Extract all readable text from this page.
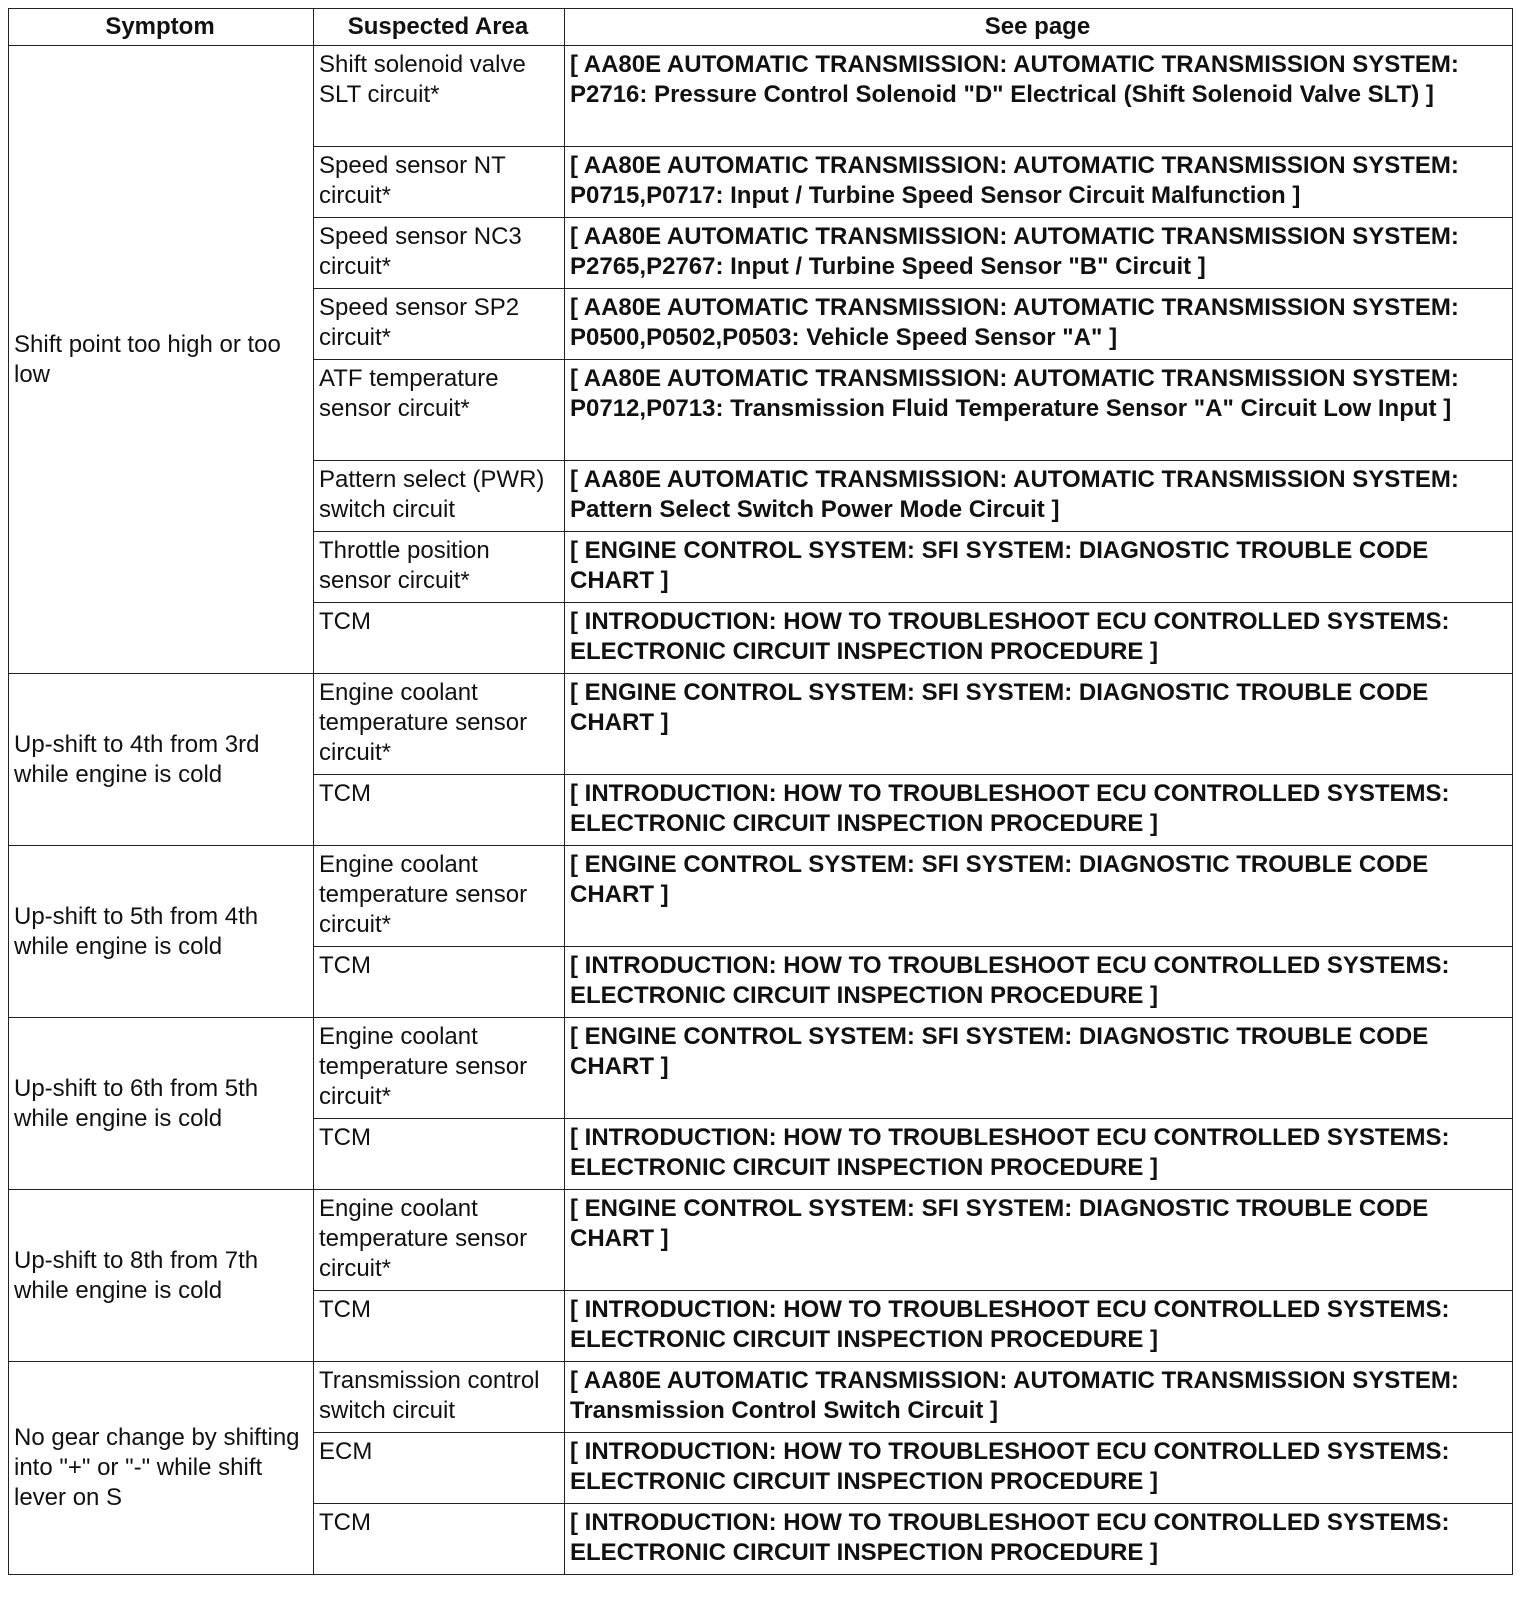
Symptom	Suspected Area	See page
Shift point too high or too low	Shift solenoid valve SLT circuit*	[ AA80E AUTOMATIC TRANSMISSION: AUTOMATIC TRANSMISSION SYSTEM: P2716: Pressure Control Solenoid "D" Electrical (Shift Solenoid Valve SLT) ]
	Speed sensor NT circuit*	[ AA80E AUTOMATIC TRANSMISSION: AUTOMATIC TRANSMISSION SYSTEM: P0715,P0717: Input / Turbine Speed Sensor Circuit Malfunction ]
	Speed sensor NC3 circuit*	[ AA80E AUTOMATIC TRANSMISSION: AUTOMATIC TRANSMISSION SYSTEM: P2765,P2767: Input / Turbine Speed Sensor "B" Circuit ]
	Speed sensor SP2 circuit*	[ AA80E AUTOMATIC TRANSMISSION: AUTOMATIC TRANSMISSION SYSTEM: P0500,P0502,P0503: Vehicle Speed Sensor "A" ]
	ATF temperature sensor circuit*	[ AA80E AUTOMATIC TRANSMISSION: AUTOMATIC TRANSMISSION SYSTEM: P0712,P0713: Transmission Fluid Temperature Sensor "A" Circuit Low Input ]
	Pattern select (PWR) switch circuit	[ AA80E AUTOMATIC TRANSMISSION: AUTOMATIC TRANSMISSION SYSTEM: Pattern Select Switch Power Mode Circuit ]
	Throttle position sensor circuit*	[ ENGINE CONTROL SYSTEM: SFI SYSTEM: DIAGNOSTIC TROUBLE CODE CHART ]
	TCM	[ INTRODUCTION: HOW TO TROUBLESHOOT ECU CONTROLLED SYSTEMS: ELECTRONIC CIRCUIT INSPECTION PROCEDURE ]
Up-shift to 4th from 3rd while engine is cold	Engine coolant temperature sensor circuit*	[ ENGINE CONTROL SYSTEM: SFI SYSTEM: DIAGNOSTIC TROUBLE CODE CHART ]
	TCM	[ INTRODUCTION: HOW TO TROUBLESHOOT ECU CONTROLLED SYSTEMS: ELECTRONIC CIRCUIT INSPECTION PROCEDURE ]
Up-shift to 5th from 4th while engine is cold	Engine coolant temperature sensor circuit*	[ ENGINE CONTROL SYSTEM: SFI SYSTEM: DIAGNOSTIC TROUBLE CODE CHART ]
	TCM	[ INTRODUCTION: HOW TO TROUBLESHOOT ECU CONTROLLED SYSTEMS: ELECTRONIC CIRCUIT INSPECTION PROCEDURE ]
Up-shift to 6th from 5th while engine is cold	Engine coolant temperature sensor circuit*	[ ENGINE CONTROL SYSTEM: SFI SYSTEM: DIAGNOSTIC TROUBLE CODE CHART ]
	TCM	[ INTRODUCTION: HOW TO TROUBLESHOOT ECU CONTROLLED SYSTEMS: ELECTRONIC CIRCUIT INSPECTION PROCEDURE ]
Up-shift to 8th from 7th while engine is cold	Engine coolant temperature sensor circuit*	[ ENGINE CONTROL SYSTEM: SFI SYSTEM: DIAGNOSTIC TROUBLE CODE CHART ]
	TCM	[ INTRODUCTION: HOW TO TROUBLESHOOT ECU CONTROLLED SYSTEMS: ELECTRONIC CIRCUIT INSPECTION PROCEDURE ]
No gear change by shifting into "+" or "-" while shift lever on S	Transmission control switch circuit	[ AA80E AUTOMATIC TRANSMISSION: AUTOMATIC TRANSMISSION SYSTEM: Transmission Control Switch Circuit ]
	ECM	[ INTRODUCTION: HOW TO TROUBLESHOOT ECU CONTROLLED SYSTEMS: ELECTRONIC CIRCUIT INSPECTION PROCEDURE ]
	TCM	[ INTRODUCTION: HOW TO TROUBLESHOOT ECU CONTROLLED SYSTEMS: ELECTRONIC CIRCUIT INSPECTION PROCEDURE ]
